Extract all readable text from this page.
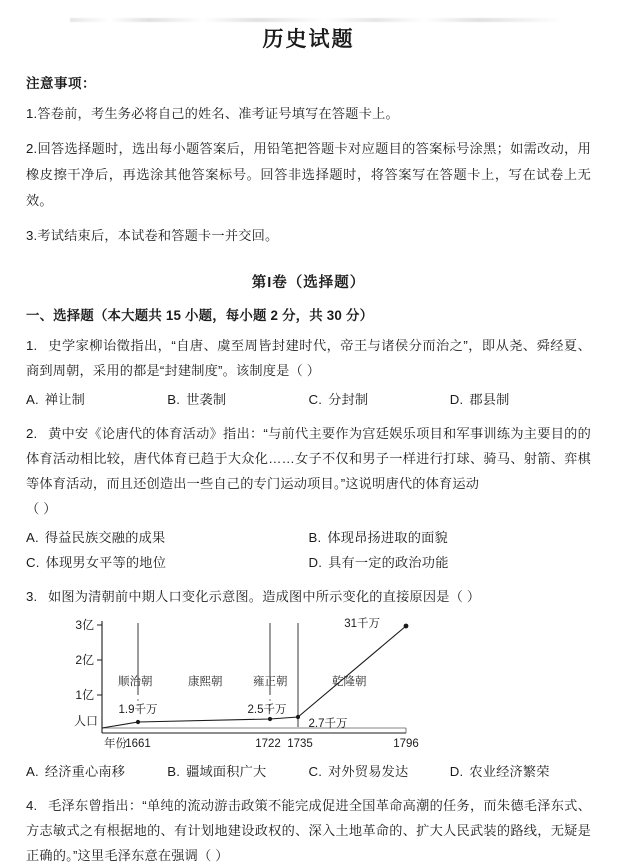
历史试题
注意事项：
1.答卷前，考生务必将自己的姓名、准考证号填写在答题卡上。
2.回答选择题时，选出每小题答案后，用铅笔把答题卡对应题目的答案标号涂黑；如需改动，用橡皮擦干净后，再选涂其他答案标号。回答非选择题时，将答案写在答题卡上，写在试卷上无效。
3.考试结束后，本试卷和答题卡一并交回。
第I卷（选择题）
一、选择题（本大题共 15 小题，每小题 2 分，共 30 分）
1. 史学家柳诒徵指出，“自唐、虞至周皆封建时代，帝王与诸侯分而治之”，即从尧、舜经夏、商到周朝，采用的都是“封建制度”。该制度是（ ）
A. 禅让制	B. 世袭制	C. 分封制	D. 郡县制
2. 黄中安《论唐代的体育活动》指出：“与前代主要作为宫廷娱乐项目和军事训练为主要目的的体育活动相比较，唐代体育已趋于大众化……女子不仅和男子一样进行打球、骑马、射箭、弈棋等体育活动，而且还创造出一些自己的专门运动项目。”这说明唐代的体育运动
（ ）
A. 得益民族交融的成果	B. 体现昂扬进取的面貌
C. 体现男女平等的地位	D. 具有一定的政治功能
3. 如图为清朝前中期人口变化示意图。造成图中所示变化的直接原因是（ ）
3亿
2亿
1亿
人口
1.9千万	2.5千万
2.7千万
31千万
顺治朝	康熙朝	雍正朝	乾隆朝
年份
1661	1722 1735	1796
A. 经济重心南移	B. 疆域面积广大	C. 对外贸易发达	D. 农业经济繁荣
4. 毛泽东曾指出：“单纯的流动游击政策不能完成促进全国革命高潮的任务，而朱德毛泽东式、方志敏式之有根据地的、有计划地建设政权的、深入土地革命的、扩大人民武装的路线，无疑是正确的。”这里毛泽东意在强调（ ）
